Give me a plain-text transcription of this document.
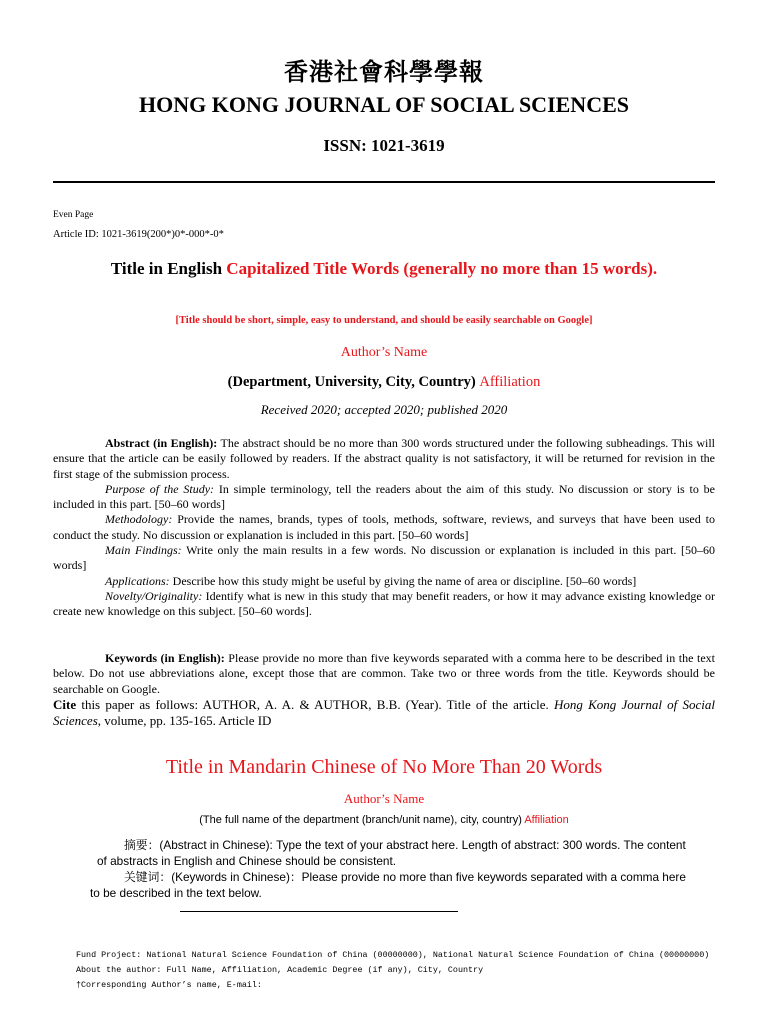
香港社會科學學報
HONG KONG JOURNAL OF SOCIAL SCIENCES
ISSN: 1021-3619
Even Page
Article ID: 1021-3619(200*)0*-000*-0*
Title in English Capitalized Title Words (generally no more than 15 words).
[Title should be short, simple, easy to understand, and should be easily searchable on Google]
Author’s Name
(Department, University, City, Country) Affiliation
Received 2020; accepted 2020; published 2020
Abstract (in English): The abstract should be no more than 300 words structured under the following subheadings. This will ensure that the article can be easily followed by readers. If the abstract quality is not satisfactory, it will be returned for revision in the first stage of the submission process.
Purpose of the Study: In simple terminology, tell the readers about the aim of this study. No discussion or story is to be included in this part. [50–60 words]
Methodology: Provide the names, brands, types of tools, methods, software, reviews, and surveys that have been used to conduct the study. No discussion or explanation is included in this part. [50–60 words]
Main Findings: Write only the main results in a few words. No discussion or explanation is included in this part. [50–60 words]
Applications: Describe how this study might be useful by giving the name of area or discipline. [50–60 words]
Novelty/Originality: Identify what is new in this study that may benefit readers, or how it may advance existing knowledge or create new knowledge on this subject. [50–60 words].
Keywords (in English): Please provide no more than five keywords separated with a comma here to be described in the text below. Do not use abbreviations alone, except those that are common. Take two or three words from the title. Keywords should be searchable on Google.
Cite this paper as follows: AUTHOR, A. A. & AUTHOR, B.B. (Year). Title of the article. Hong Kong Journal of Social Sciences, volume, pp. 135-165. Article ID
Title in Mandarin Chinese of No More Than 20 Words
Author’s Name
(The full name of the department (branch/unit name), city, country) Affiliation
摘要：(Abstract in Chinese): Type the text of your abstract here. Length of abstract: 300 words. The content of abstracts in English and Chinese should be consistent.
关键词：(Keywords in Chinese)：Please provide no more than five keywords separated with a comma here to be described in the text below.
Fund Project: National Natural Science Foundation of China (00000000), National Natural Science Foundation of China (00000000)
About the author: Full Name, Affiliation, Academic Degree (if any), City, Country
†Corresponding Author’s name, E-mail:
